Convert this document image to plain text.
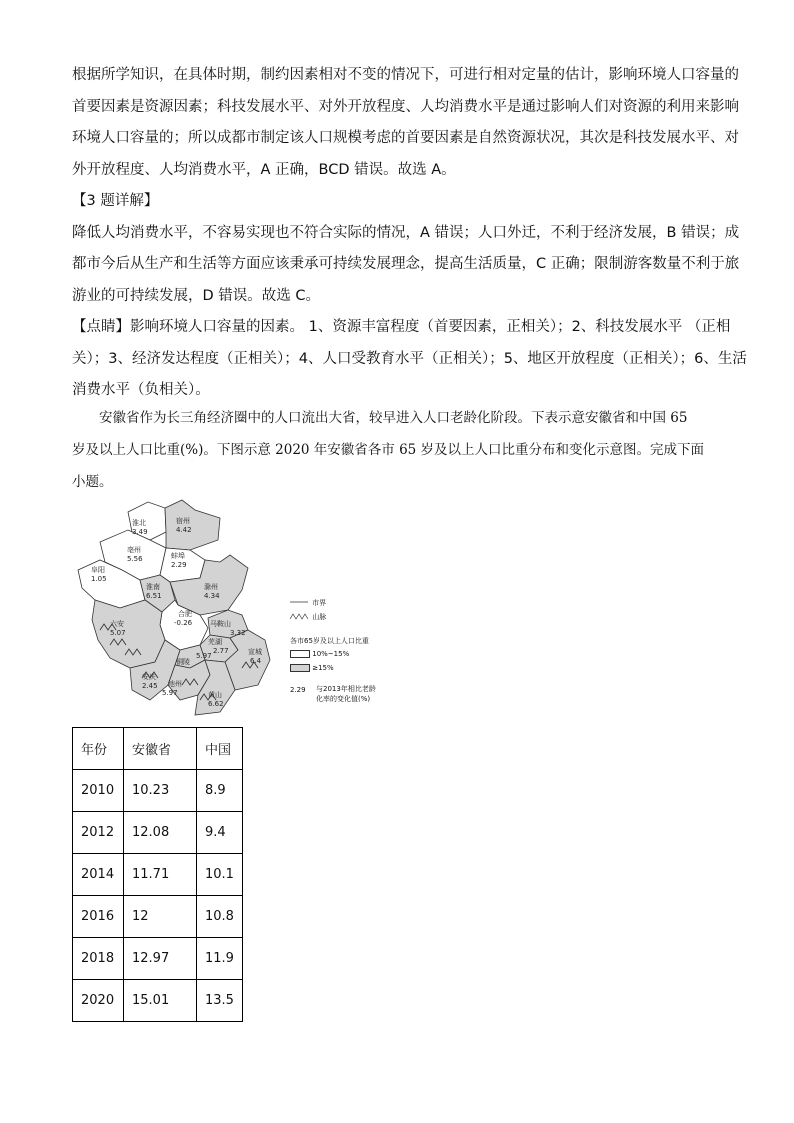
根据所学知识，在具体时期，制约因素相对不变的情况下，可进行相对定量的估计，影响环境人口容量的
首要因素是资源因素；科技发展水平、对外开放程度、人均消费水平是通过影响人们对资源的利用来影响
环境人口容量的；所以成都市制定该人口规模考虑的首要因素是自然资源状况，其次是科技发展水平、对
外开放程度、人均消费水平，A 正确，BCD 错误。故选 A。
【3 题详解】
降低人均消费水平，不容易实现也不符合实际的情况，A 错误；人口外迁，不利于经济发展，B 错误；成
都市今后从生产和生活等方面应该秉承可持续发展理念，提高生活质量，C 正确；限制游客数量不利于旅
游业的可持续发展，D 错误。故选 C。
【点睛】影响环境人口容量的因素。 1、资源丰富程度（首要因素，正相关）；2、科技发展水平 （正相
关）；3、经济发达程度（正相关）；4、人口受教育水平（正相关）；5、地区开放程度（正相关）；6、生活
消费水平（负相关）。
　　安徽省作为长三角经济圈中的人口流出大省，较早进入人口老龄化阶段。下表示意安徽省和中国 65
岁及以上人口比重(%)。下图示意 2020 年安徽省各市 65 岁及以上人口比重分布和变化示意图。完成下面
小题。
淮北
3.49
宿州
4.42
亳州
5.56	蚌埠
2.29
阜阳
1.05
淮南
6.51
滁州
4.34
合肥
-0.26
六安
5.07
马鞍山
3.32
芜湖
2.77	宣城
6.4
5.97
铜陵
安庆
2.45 池州
5.97	黄山
6.62
市界
山脉
各市65岁及以上人口比重
10%~15%
≥15%
2.29 与2013年相比老龄
化率的变化值(%)
年份	安徽省	中国
2010	10.23	8.9
2012	12.08	9.4
2014	11.71	10.1
2016	12	10.8
2018	12.97	11.9
2020	15.01	13.5
